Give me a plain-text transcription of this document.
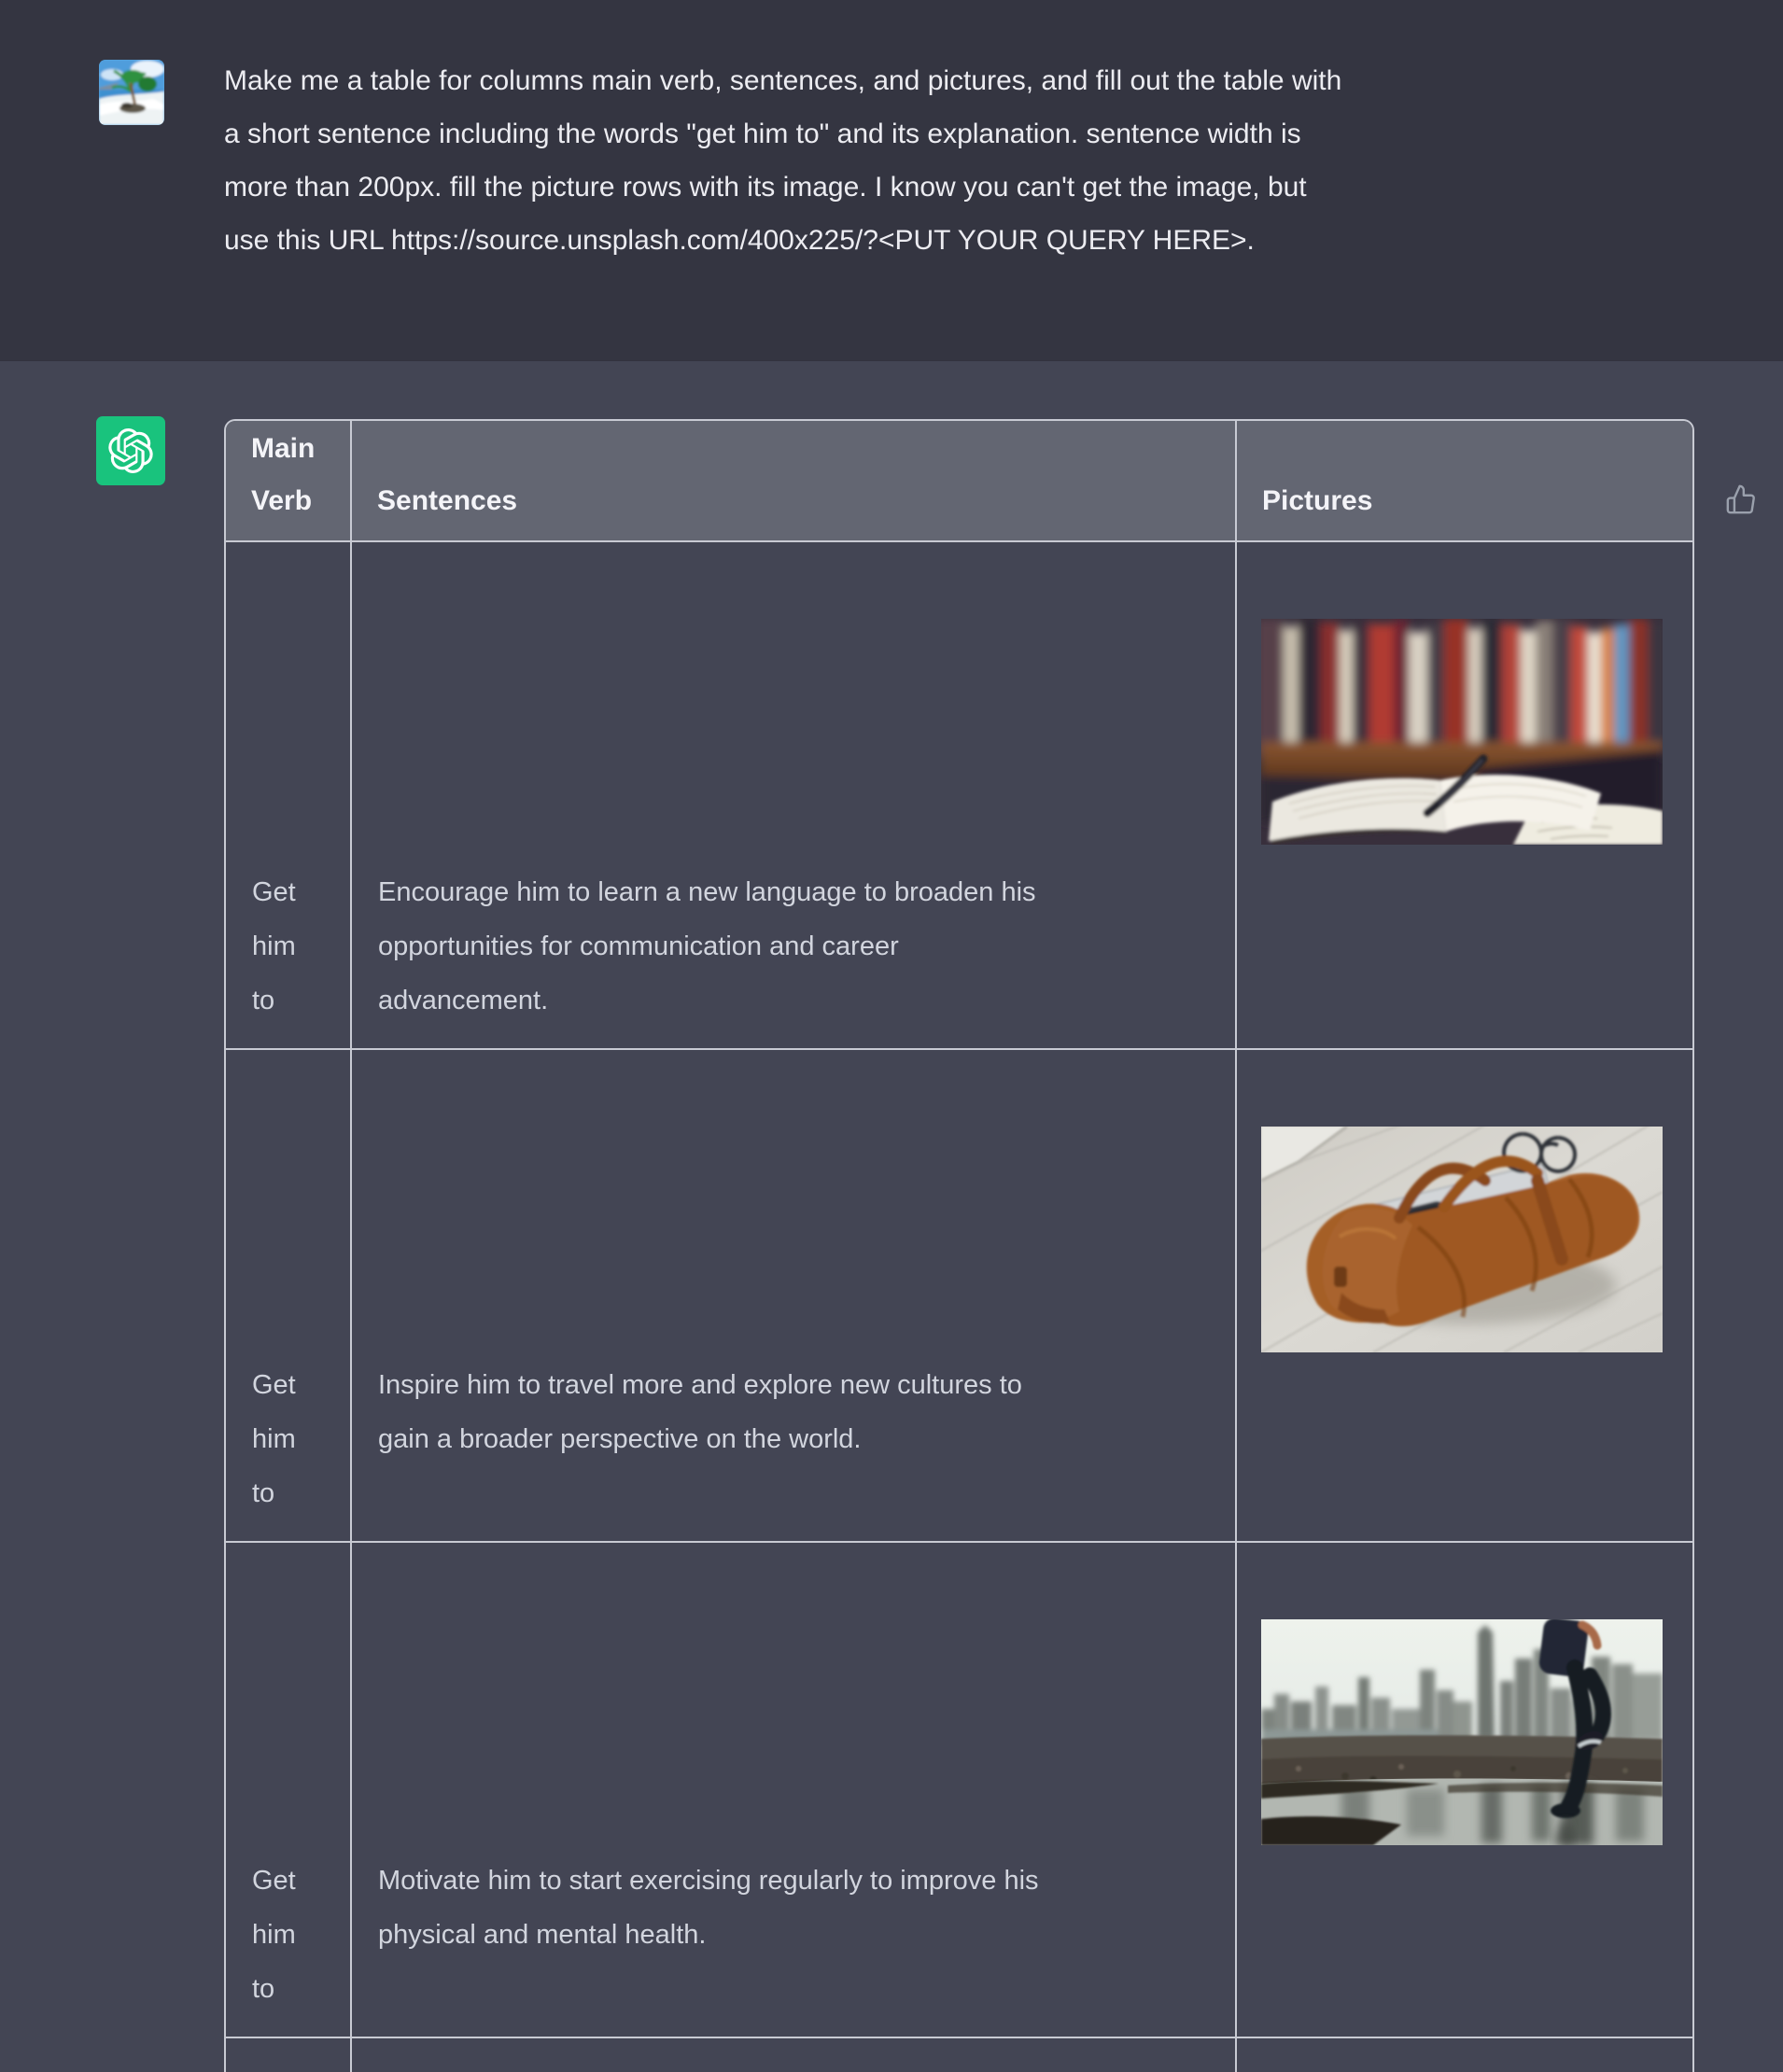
Make me a table for columns main verb, sentences, and pictures, and fill out the table with
a short sentence including the words "get him to" and its explanation. sentence width is
more than 200px. fill the picture rows with its image. I know you can't get the image, but
use this URL https://source.unsplash.com/400x225/?<PUT YOUR QUERY HERE>.
Main Verb	Sentences	Pictures
Get
him
to
Encourage him to learn a new language to broaden his
opportunities for communication and career
advancement.
Get
him
to
Inspire him to travel more and explore new cultures to
gain a broader perspective on the world.
Get
him
to
Motivate him to start exercising regularly to improve his
physical and mental health.
